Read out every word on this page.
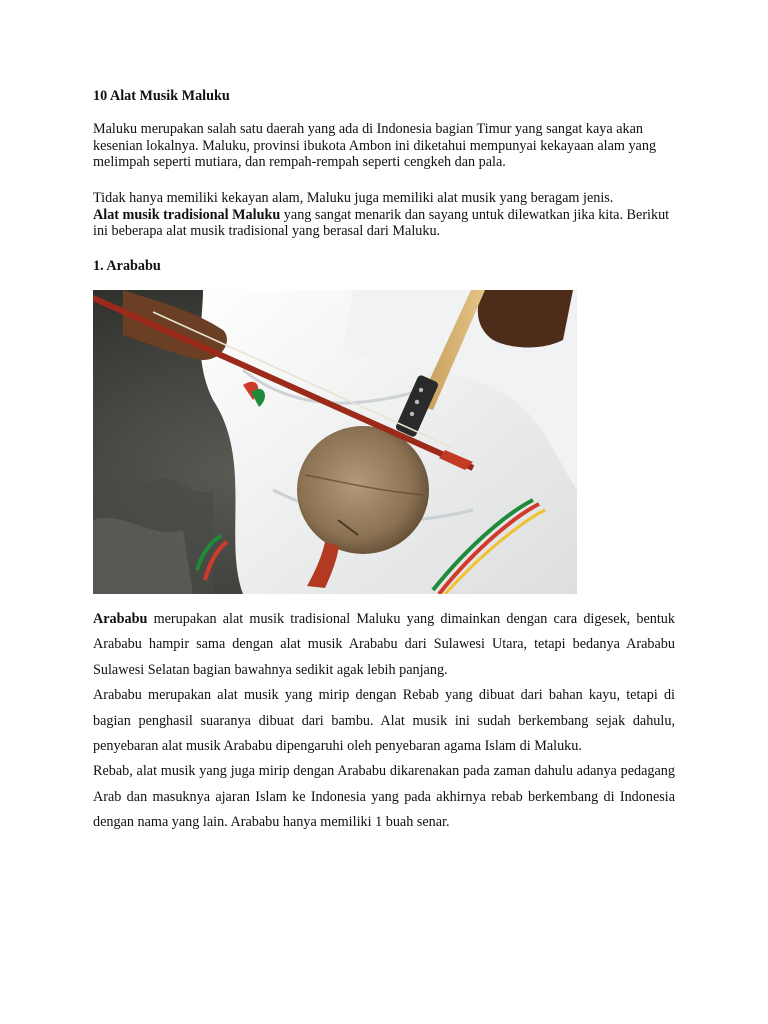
10 Alat Musik Maluku
Maluku merupakan salah satu daerah yang ada di Indonesia bagian Timur yang sangat kaya akan kesenian lokalnya. Maluku, provinsi ibukota Ambon ini diketahui mempunyai kekayaan alam yang melimpah seperti mutiara, dan rempah-rempah seperti cengkeh dan pala.
Tidak hanya memiliki kekayan alam, Maluku juga memiliki alat musik yang beragam jenis.
Alat musik tradisional Maluku yang sangat menarik dan sayang untuk dilewatkan jika kita. Berikut ini beberapa alat musik tradisional yang berasal dari Maluku.
1. Arababu

Arababu merupakan alat musik tradisional Maluku yang dimainkan dengan cara digesek, bentuk Arababu hampir sama dengan alat musik Arababu dari Sulawesi Utara, tetapi bedanya Arababu Sulawesi Selatan bagian bawahnya sedikit agak lebih panjang.

Arababu merupakan alat musik yang mirip dengan Rebab yang dibuat dari bahan kayu, tetapi di bagian penghasil suaranya dibuat dari bambu. Alat musik ini sudah berkembang sejak dahulu, penyebaran alat musik Arababu dipengaruhi oleh penyebaran agama Islam di Maluku.

Rebab, alat musik yang juga mirip dengan Arababu dikarenakan pada zaman dahulu adanya pedagang Arab dan masuknya ajaran Islam ke Indonesia yang pada akhirnya rebab berkembang di Indonesia dengan nama yang lain. Arababu hanya memiliki 1 buah senar.
